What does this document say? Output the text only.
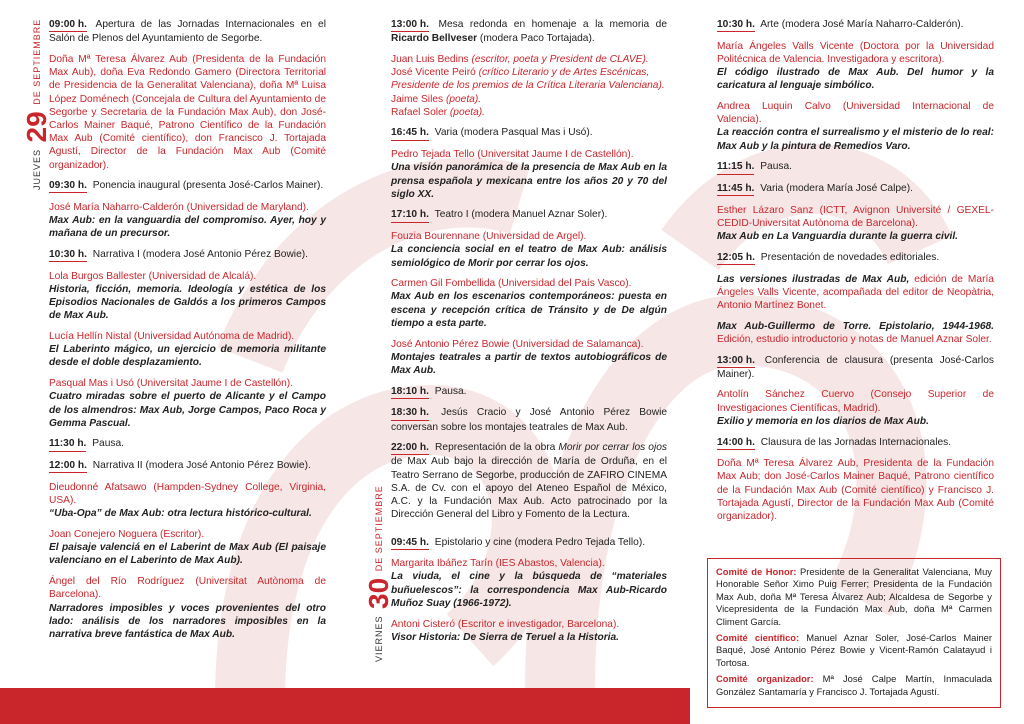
JUEVES 29 DE SEPTIEMBRE
VIERNES 30 DE SEPTIEMBRE
09:00 h. Apertura de las Jornadas Internacionales en el Salón de Plenos del Ayuntamiento de Segorbe.
Doña Mª Teresa Álvarez Aub (Presidenta de la Fundación Max Aub), doña Eva Redondo Gamero (Directora Territorial de Presidencia de la Generalitat Valenciana), doña Mª Luisa López Doménech (Concejala de Cultura del Ayuntamiento de Segorbe y Secretaria de la Fundación Max Aub), don José-Carlos Mainer Baqué, Patrono Científico de la Fundación Max Aub (Comité científico), don Francisco J. Tortajada Agustí, Director de la Fundación Max Aub (Comité organizador).
09:30 h. Ponencia inaugural (presenta José-Carlos Mainer).
José María Naharro-Calderón (Universidad de Maryland).
Max Aub: en la vanguardia del compromiso. Ayer, hoy y mañana de un precursor.
10:30 h. Narrativa I (modera José Antonio Pérez Bowie).
Lola Burgos Ballester (Universidad de Alcalá).
Historia, ficción, memoria. Ideología y estética de los Episodios Nacionales de Galdós a los primeros Campos de Max Aub.
Lucía Hellín Nistal (Universidad Autónoma de Madrid).
El Laberinto mágico, un ejercicio de memoria militante desde el doble desplazamiento.
Pasqual Mas i Usó (Universitat Jaume I de Castellón).
Cuatro miradas sobre el puerto de Alicante y el Campo de los almendros: Max Aub, Jorge Campos, Paco Roca y Gemma Pascual.
11:30 h. Pausa.
12:00 h. Narrativa II (modera José Antonio Pérez Bowie).
Dieudonné Afatsawo (Hampden-Sydney College, Virginia, USA).
“Uba-Opa” de Max Aub: otra lectura histórico-cultural.
Joan Conejero Noguera (Escritor).
El paisaje valenciá en el Laberint de Max Aub (El paisaje valenciano en el Laberinto de Max Aub).
Ángel del Río Rodríguez (Universitat Autònoma de Barcelona).
Narradores imposibles y voces provenientes del otro lado: análisis de los narradores imposibles en la narrativa breve fantástica de Max Aub.
13:00 h. Mesa redonda en homenaje a la memoria de Ricardo Bellveser (modera Paco Tortajada).
Juan Luis Bedins (escritor, poeta y President de CLAVE).
José Vicente Peiró (crítico Literario y de Artes Escénicas, Presidente de los premios de la Crítica Literaria Valenciana).
Jaime Siles (poeta).
Rafael Soler (poeta).
16:45 h. Varia (modera Pasqual Mas i Usó).
Pedro Tejada Tello (Universitat Jaume I de Castellón).
Una visión panorámica de la presencia de Max Aub en la prensa española y mexicana entre los años 20 y 70 del siglo XX.
17:10 h. Teatro I (modera Manuel Aznar Soler).
Fouzia Bourennane (Universidad de Argel).
La conciencia social en el teatro de Max Aub: análisis semiológico de Morir por cerrar los ojos.
Carmen Gil Fombellida (Universidad del País Vasco).
Max Aub en los escenarios contemporáneos: puesta en escena y recepción crítica de Tránsito y de De algún tiempo a esta parte.
José Antonio Pérez Bowie (Universidad de Salamanca).
Montajes teatrales a partir de textos autobiográficos de Max Aub.
18:10 h. Pausa.
18:30 h. Jesús Cracio y José Antonio Pérez Bowie conversan sobre los montajes teatrales de Max Aub.
22:00 h. Representación de la obra Morir por cerrar los ojos de Max Aub bajo la dirección de María de Orduña, en el Teatro Serrano de Segorbe, producción de ZAFIRO CINEMA S.A. de Cv. con el apoyo del Ateneo Español de México, A.C. y la Fundación Max Aub. Acto patrocinado por la Dirección General del Libro y Fomento de la Lectura.
09:45 h. Epistolario y cine (modera Pedro Tejada Tello).
Margarita Ibáñez Tarín (IES Abastos, Valencia).
La viuda, el cine y la búsqueda de “materiales buñuelescos”: la correspondencia Max Aub-Ricardo Muñoz Suay (1966-1972).
Antoni Cisteró (Escritor e investigador, Barcelona).
Visor Historia: De Sierra de Teruel a la Historia.
10:30 h. Arte (modera José María Naharro-Calderón).
María Ángeles Valls Vicente (Doctora por la Universidad Politécnica de Valencia. Investigadora y escritora).
El código ilustrado de Max Aub. Del humor y la caricatura al lenguaje simbólico.
Andrea Luquin Calvo (Universidad Internacional de Valencia).
La reacción contra el surrealismo y el misterio de lo real: Max Aub y la pintura de Remedios Varo.
11:15 h. Pausa.
11:45 h. Varia (modera María José Calpe).
Esther Lázaro Sanz (ICTT, Avignon Université / GEXEL-CEDID-Universitat Autònoma de Barcelona).
Max Aub en La Vanguardia durante la guerra civil.
12:05 h. Presentación de novedades editoriales.
Las versiones ilustradas de Max Aub, edición de María Ángeles Valls Vicente, acompañada del editor de Neopàtria, Antonio Martínez Bonet.
Max Aub-Guillermo de Torre. Epistolario, 1944-1968. Edición, estudio introductorio y notas de Manuel Aznar Soler.
13:00 h. Conferencia de clausura (presenta José-Carlos Mainer).
Antolín Sánchez Cuervo (Consejo Superior de Investigaciones Científicas, Madrid).
Exilio y memoria en los diarios de Max Aub.
14:00 h. Clausura de las Jornadas Internacionales.
Doña Mª Teresa Álvarez Aub, Presidenta de la Fundación Max Aub; don José-Carlos Mainer Baqué, Patrono científico de la Fundación Max Aub (Comité científico) y Francisco J. Tortajada Agustí, Director de la Fundación Max Aub (Comité organizador).

Comité de Honor: Presidente de la Generalitat Valenciana, Muy Honorable Señor Ximo Puig Ferrer; Presidenta de la Fundación Max Aub, doña Mª Teresa Álvarez Aub; Alcaldesa de Segorbe y Vicepresidenta de la Fundación Max Aub, doña Mª Carmen Climent García.

Comité científico: Manuel Aznar Soler, José-Carlos Mainer Baqué, José Antonio Pérez Bowie y Vicent-Ramón Calatayud i Tortosa.

Comité organizador: Mª José Calpe Martín, Inmaculada González Santamaría y Francisco J. Tortajada Agustí.
